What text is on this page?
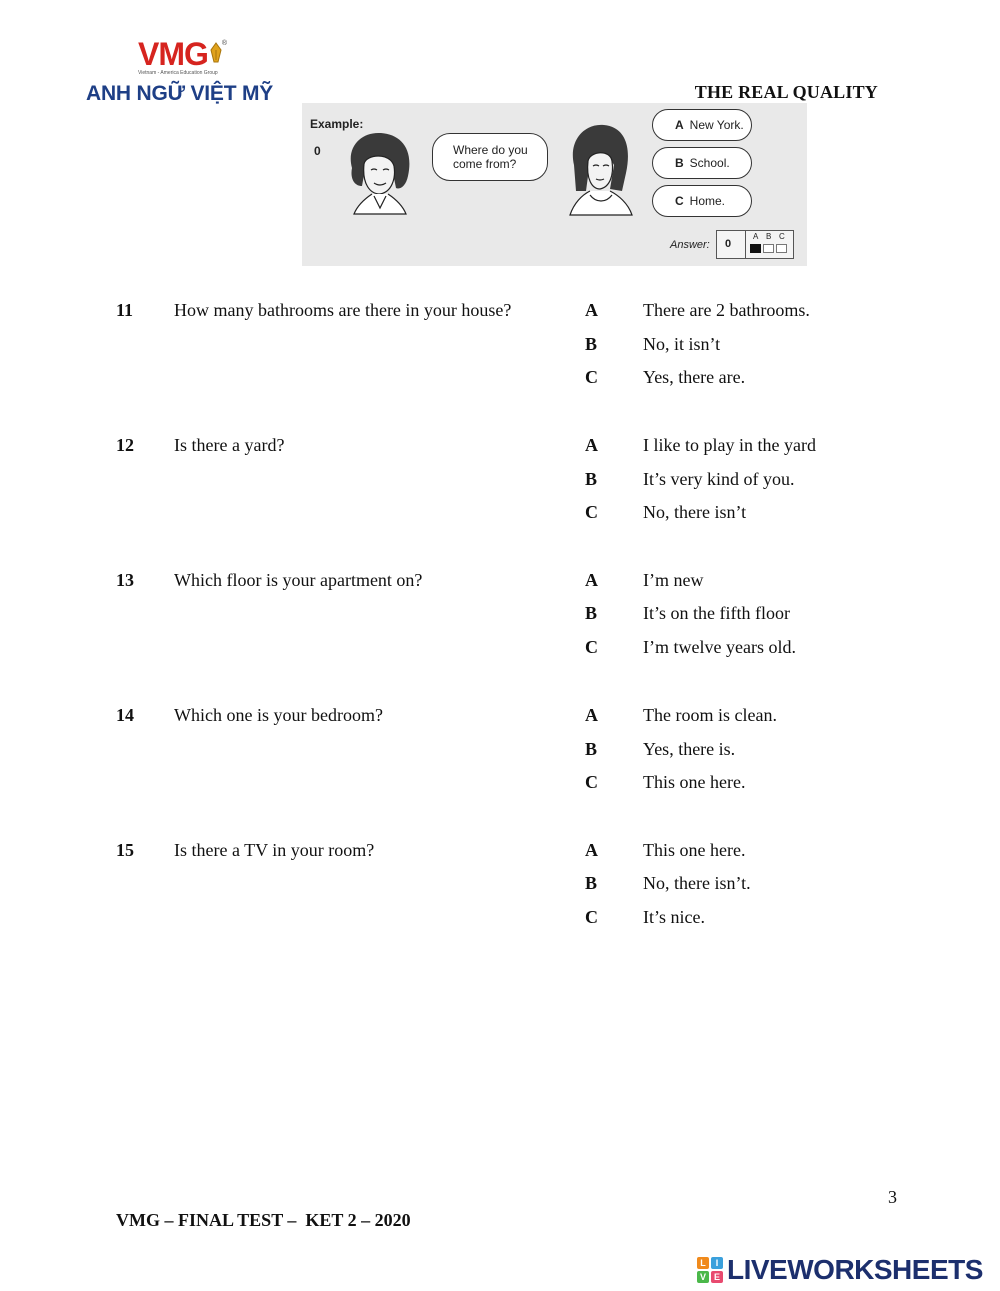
VMG ®
Vietnam - America Education Group
ANH NGỮ VIỆT MỸ	THE REAL QUALITY
Example:
0	Where do you come from?
A New York.
B School.
C Home.
Answer: 0
A B C
11 How many bathrooms are there in your house?	A	There are 2 bathrooms.
B	No, it isn’t
C	Yes, there are.
12 Is there a yard?	A	I like to play in the yard
B	It’s very kind of you.
C	No, there isn’t
13 Which floor is your apartment on?	A	I’m new
B	It’s on the fifth floor
C	I’m twelve years old.
14 Which one is your bedroom?	A	The room is clean.
B	Yes, there is.
C	This one here.
15 Is there a TV in your room?	A	This one here.
B	No, there isn’t.
C	It’s nice.
3
VMG – FINAL TEST –  KET 2 – 2020
L	I
V E LIVEWORKSHEETS
